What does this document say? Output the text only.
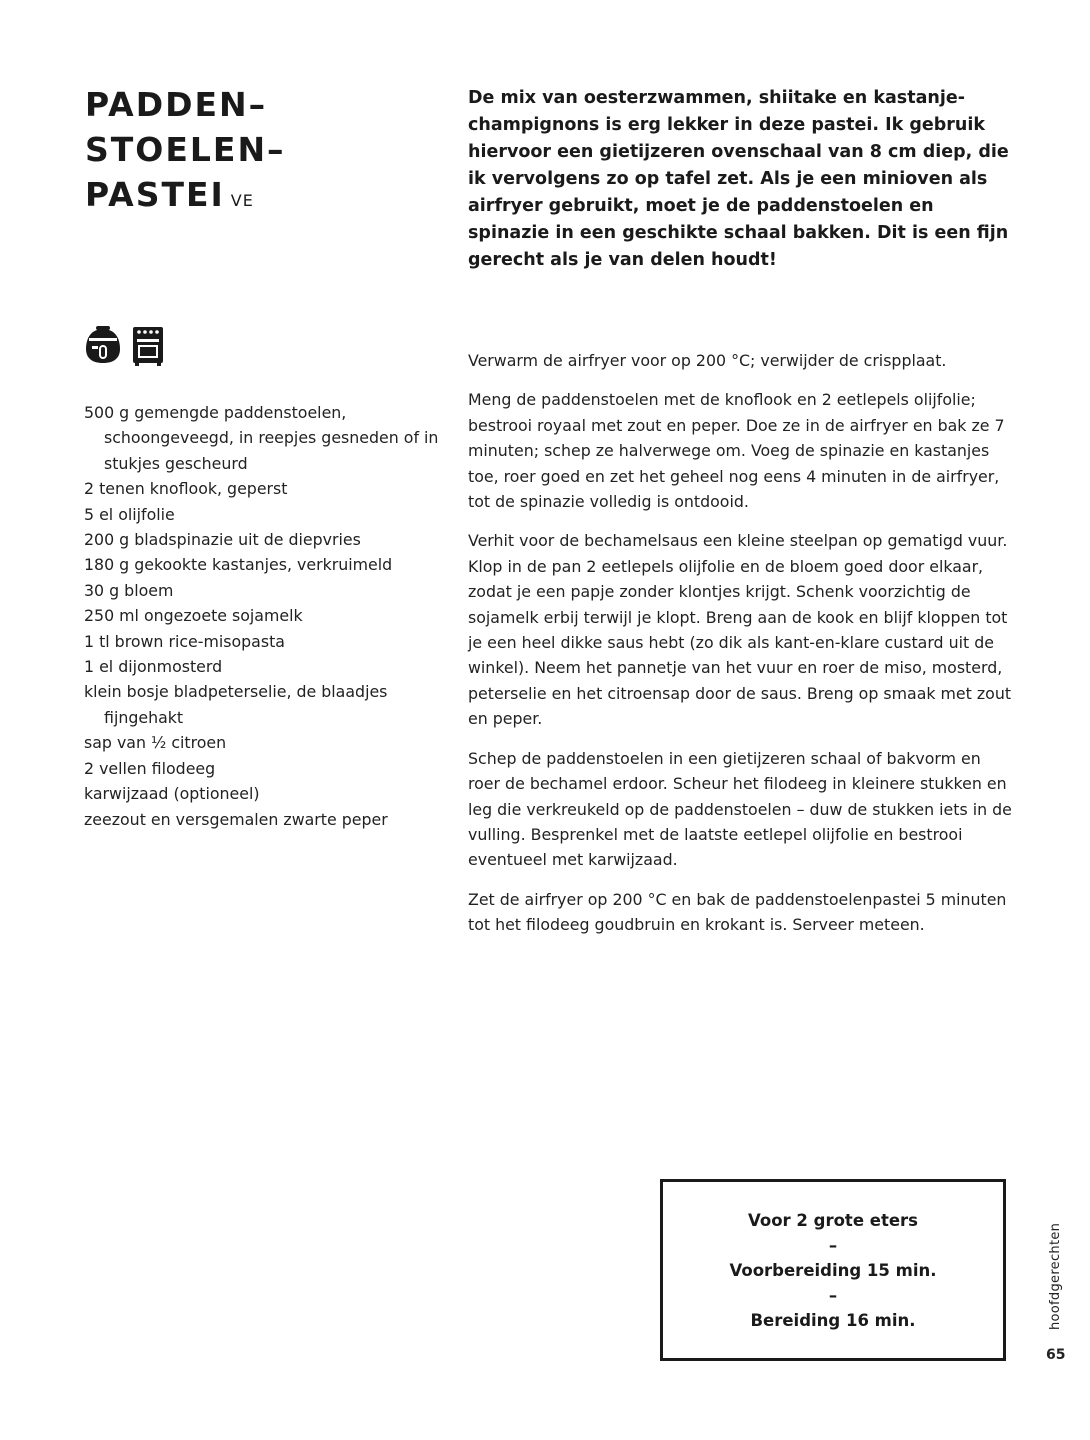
PADDEN–
STOELEN–
PASTEI VE

De mix van oesterzwammen, shiitake en kastanjechampignons is erg lekker in deze pastei. Ik gebruik hiervoor een gietijzeren ovenschaal van 8 cm diep, die ik vervolgens zo op tafel zet. Als je een minioven als airfryer gebruikt, moet je de paddenstoelen en spinazie in een geschikte schaal bakken. Dit is een fijn gerecht als je van delen houdt!

500 g gemengde paddenstoelen, schoongeveegd, in reepjes gesneden of in stukjes gescheurd
2 tenen knoflook, geperst
5 el olijfolie
200 g bladspinazie uit de diepvries
180 g gekookte kastanjes, verkruimeld
30 g bloem
250 ml ongezoete sojamelk
1 tl brown rice-misopasta
1 el dijonmosterd
klein bosje bladpeterselie, de blaadjes fijngehakt
sap van ½ citroen
2 vellen filodeeg
karwijzaad (optioneel)
zeezout en versgemalen zwarte peper

Verwarm de airfryer voor op 200 °C; verwijder de crispplaat.

Meng de paddenstoelen met de knoflook en 2 eetlepels olijfolie; bestrooi royaal met zout en peper. Doe ze in de airfryer en bak ze 7 minuten; schep ze halverwege om. Voeg de spinazie en kastanjes toe, roer goed en zet het geheel nog eens 4 minuten in de airfryer, tot de spinazie volledig is ontdooid.

Verhit voor de bechamelsaus een kleine steelpan op gematigd vuur. Klop in de pan 2 eetlepels olijfolie en de bloem goed door elkaar, zodat je een papje zonder klontjes krijgt. Schenk voorzichtig de sojamelk erbij terwijl je klopt. Breng aan de kook en blijf kloppen tot je een heel dikke saus hebt (zo dik als kant-en-klare custard uit de winkel). Neem het pannetje van het vuur en roer de miso, mosterd, peterselie en het citroensap door de saus. Breng op smaak met zout en peper.

Schep de paddenstoelen in een gietijzeren schaal of bakvorm en roer de bechamel erdoor. Scheur het filodeeg in kleinere stukken en leg die verkreukeld op de paddenstoelen – duw de stukken iets in de vulling. Besprenkel met de laatste eetlepel olijfolie en bestrooi eventueel met karwijzaad.

Zet de airfryer op 200 °C en bak de paddenstoelenpastei 5 minuten tot het filodeeg goudbruin en krokant is. Serveer meteen.

Voor 2 grote eters
–
Voorbereiding 15 min.
–
Bereiding 16 min.	hoofdgerechten
65
